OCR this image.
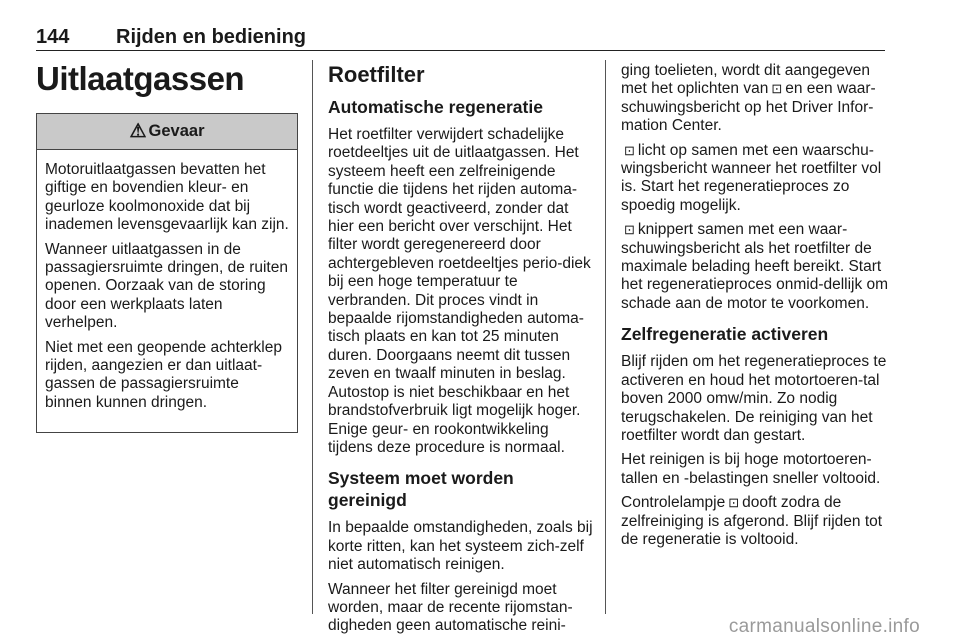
144 Rijden en bediening
Uitlaatgassen
⚠ Gevaar

Motoruitlaatgassen bevatten het giftige en bovendien kleur- en geurloze koolmonoxide dat bij inademen levensgevaarlijk kan zijn.

Wanneer uitlaatgassen in de passagiersruimte dringen, de ruiten openen. Oorzaak van de storing door een werkplaats laten verhelpen.

Niet met een geopende achterklep rijden, aangezien er dan uitlaat-gassen de passagiersruimte binnen kunnen dringen.

Roetfilter
Automatische regeneratie

Het roetfilter verwijdert schadelijke roetdeeltjes uit de uitlaatgassen. Het systeem heeft een zelfreinigende functie die tijdens het rijden automa-tisch wordt geactiveerd, zonder dat hier een bericht over verschijnt. Het filter wordt geregenereerd door achtergebleven roetdeeltjes perio-diek bij een hoge temperatuur te verbranden. Dit proces vindt in bepaalde rijomstandigheden automa-tisch plaats en kan tot 25 minuten duren. Doorgaans neemt dit tussen zeven en twaalf minuten in beslag. Autostop is niet beschikbaar en het brandstofverbruik ligt mogelijk hoger. Enige geur- en rookontwikkeling tijdens deze procedure is normaal.

Systeem moet worden gereinigd

In bepaalde omstandigheden, zoals bij korte ritten, kan het systeem zich-zelf niet automatisch reinigen.

Wanneer het filter gereinigd moet worden, maar de recente rijomstan-digheden geen automatische reini-

ging toelieten, wordt dit aangegeven met het oplichten van ⊡ en een waar-schuwingsbericht op het Driver Infor-mation Center.

⊡ licht op samen met een waarschu-wingsbericht wanneer het roetfilter vol is. Start het regeneratieproces zo spoedig mogelijk.

⊡ knippert samen met een waar-schuwingsbericht als het roetfilter de maximale belading heeft bereikt. Start het regeneratieproces onmid-dellijk om schade aan de motor te voorkomen.

Zelfregeneratie activeren

Blijf rijden om het regeneratieproces te activeren en houd het motortoeren-tal boven 2000 omw/min. Zo nodig terugschakelen. De reiniging van het roetfilter wordt dan gestart.

Het reinigen is bij hoge motortoeren-tallen en -belastingen sneller voltooid.

Controlelampje ⊡ dooft zodra de zelfreiniging is afgerond. Blijf rijden tot de regeneratie is voltooid.

carmanualsonline.info
